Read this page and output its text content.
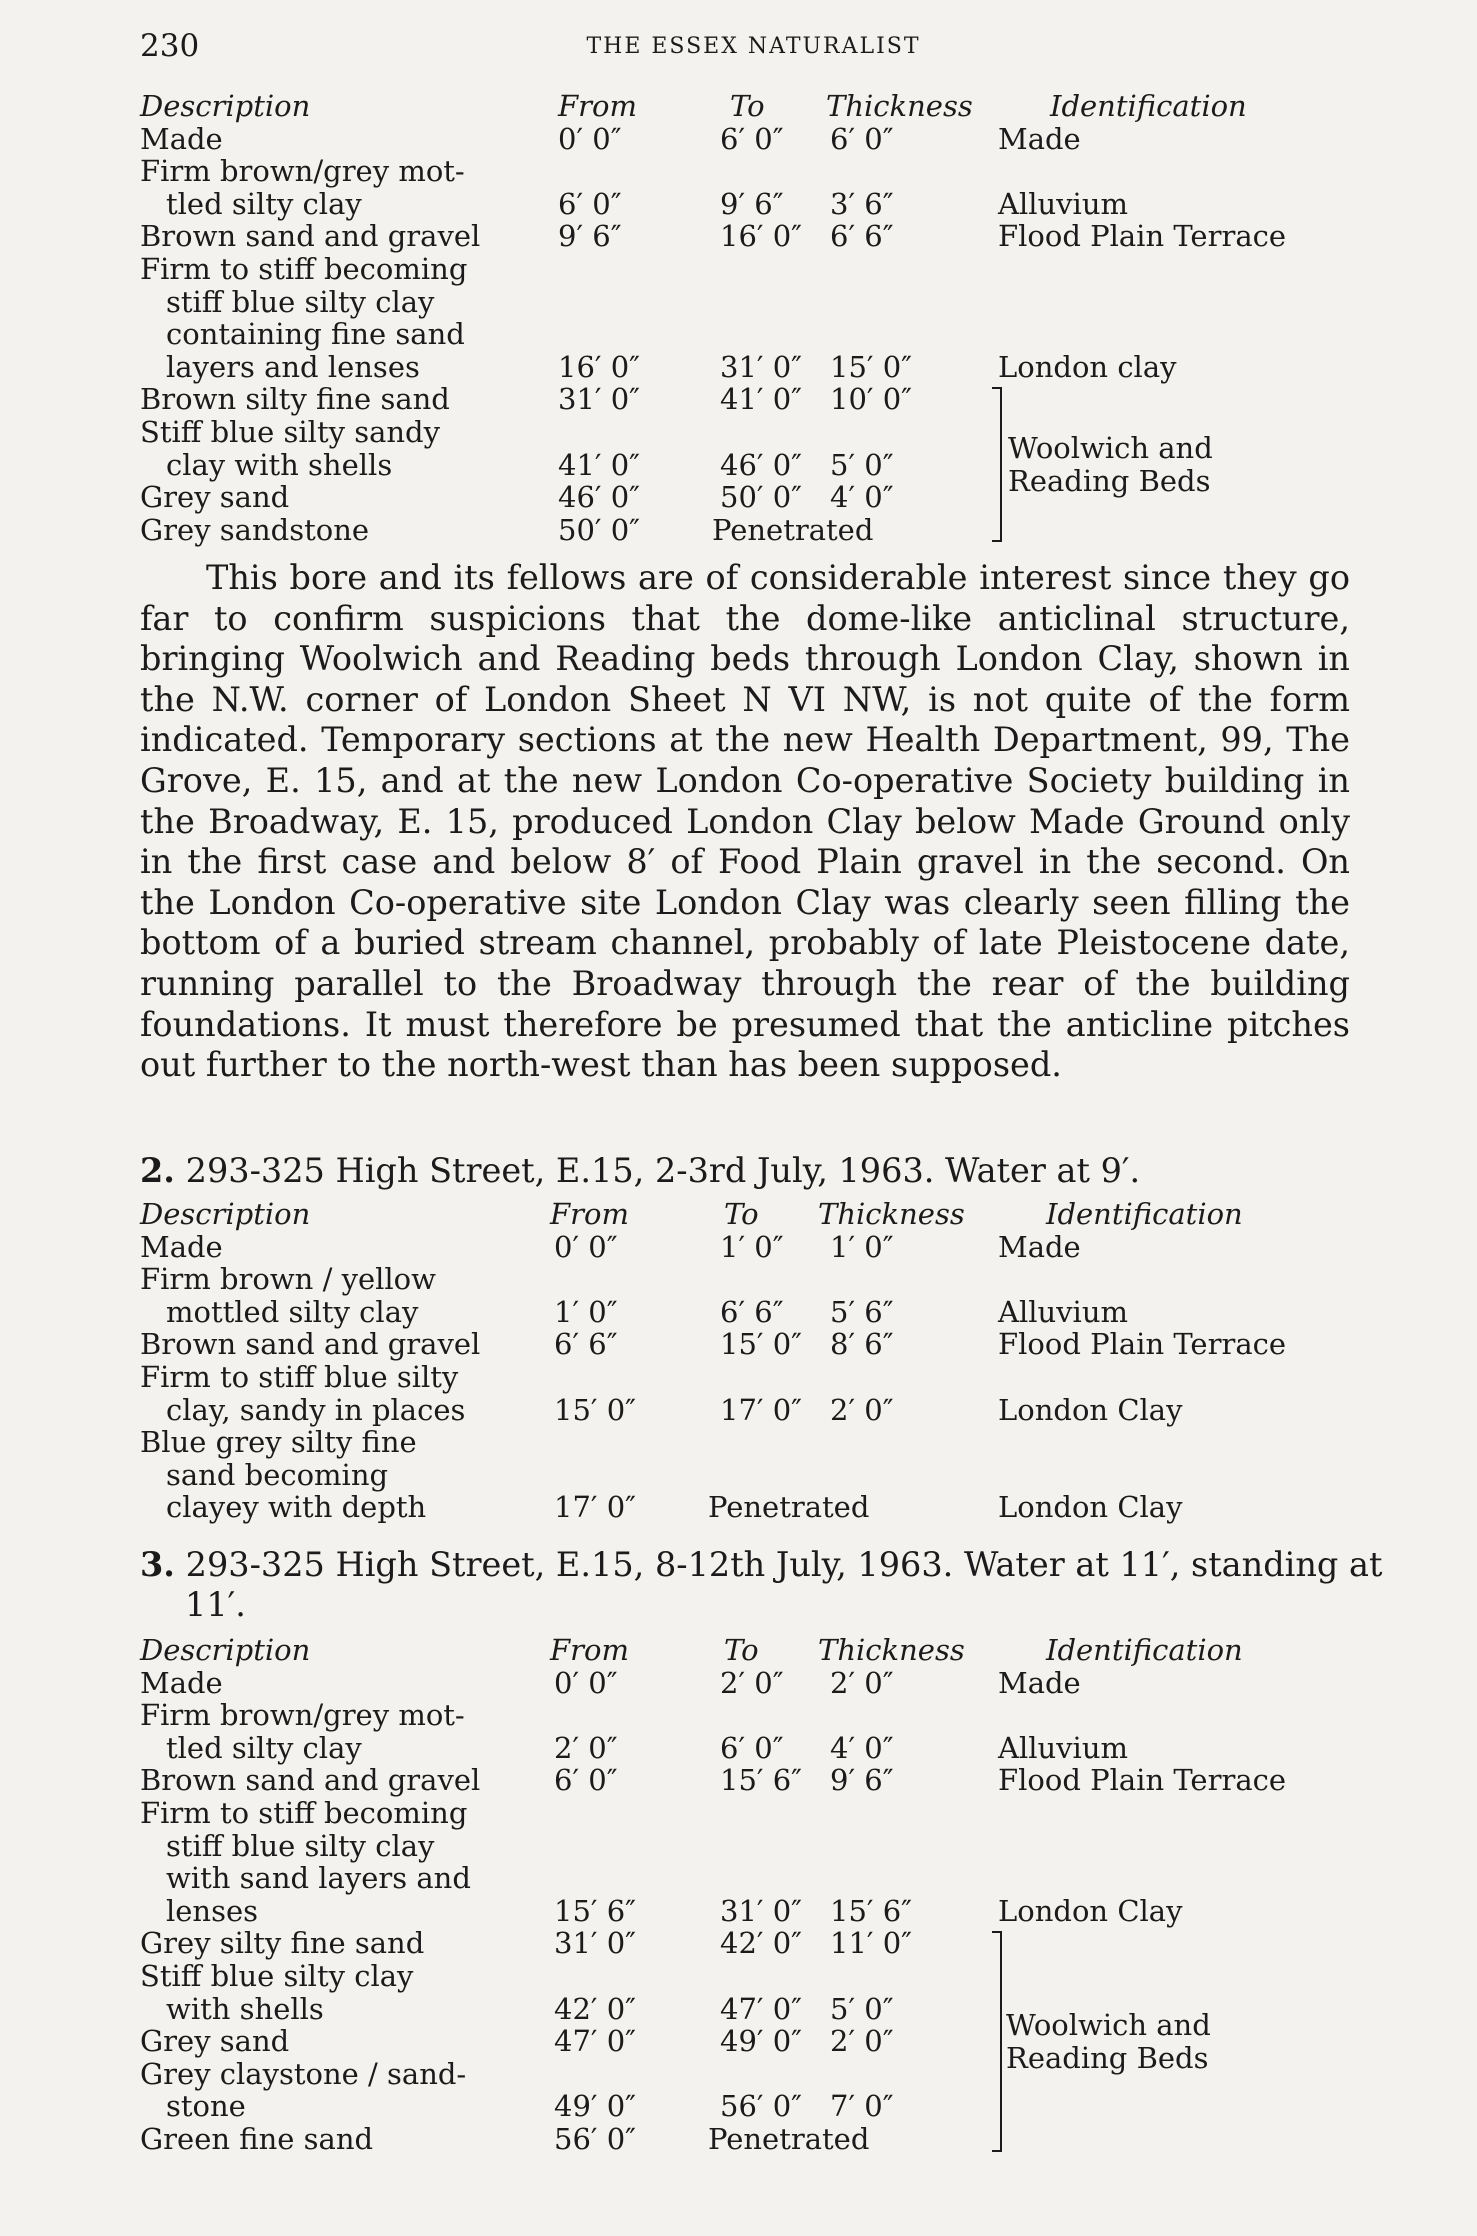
230	THE ESSEX NATURALIST
Description	From	To Thickness	Identification
Made	0′ 0″	6′ 0″ 6′ 0″	Made
Firm brown/grey mot-
tled silty clay	6′ 0″	9′ 6″ 3′ 6″	Alluvium
Brown sand and gravel	9′ 6″	16′ 0″ 6′ 6″	Flood Plain Terrace
Firm to stiff becoming
stiff blue silty clay
containing fine sand
layers and lenses	16′ 0″	31′ 0″ 15′ 0″	London clay
Brown silty fine sand	31′ 0″	41′ 0″ 10′ 0″
Stiff blue silty sandy
clay with shells	41′ 0″	46′ 0″ 5′ 0″
Grey sand	46′ 0″	50′ 0″ 4′ 0″
Grey sandstone	50′ 0″ Penetrated
Woolwich and
Reading Beds
This bore and its fellows are of considerable interest since they go far to confirm suspicions that the dome-like anticlinal structure, bringing Woolwich and Reading beds through London Clay, shown in the N.W. corner of London Sheet N VI NW, is not quite of the form indicated. Temporary sections at the new Health Department, 99, The Grove, E. 15, and at the new London Co-operative Society building in the Broadway, E. 15, produced London Clay below Made Ground only in the first case and below 8′ of Food Plain gravel in the second. On the London Co-operative site London Clay was clearly seen filling the bottom of a buried stream channel, probably of late Pleistocene date, running parallel to the Broadway through the rear of the building foundations. It must therefore be presumed that the anticline pitches out further to the north-west than has been supposed.
2. 293-325 High Street, E.15, 2-3rd July, 1963. Water at 9′.
Description	From	To Thickness	Identification
Made	0′ 0″	1′ 0″ 1′ 0″	Made
Firm brown / yellow
mottled silty clay	1′ 0″	6′ 6″ 5′ 6″	Alluvium
Brown sand and gravel	6′ 6″	15′ 0″ 8′ 6″	Flood Plain Terrace
Firm to stiff blue silty
clay, sandy in places	15′ 0″	17′ 0″ 2′ 0″	London Clay
Blue grey silty fine
sand becoming
clayey with depth	17′ 0″ Penetrated	London Clay
3. 293-325 High Street, E.15, 8-12th July, 1963. Water at 11′, standing at 11′.
Description	From	To Thickness	Identification
Made	0′ 0″	2′ 0″ 2′ 0″	Made
Firm brown/grey mot-
tled silty clay	2′ 0″	6′ 0″ 4′ 0″	Alluvium
Brown sand and gravel	6′ 0″	15′ 6″ 9′ 6″	Flood Plain Terrace
Firm to stiff becoming
stiff blue silty clay
with sand layers and
lenses	15′ 6″	31′ 0″ 15′ 6″	London Clay
Grey silty fine sand	31′ 0″	42′ 0″ 11′ 0″
Stiff blue silty clay
with shells	42′ 0″	47′ 0″ 5′ 0″
Grey sand	47′ 0″	49′ 0″ 2′ 0″
Grey claystone / sand-
stone	49′ 0″	56′ 0″ 7′ 0″
Green fine sand	56′ 0″ Penetrated
Woolwich and
Reading Beds
